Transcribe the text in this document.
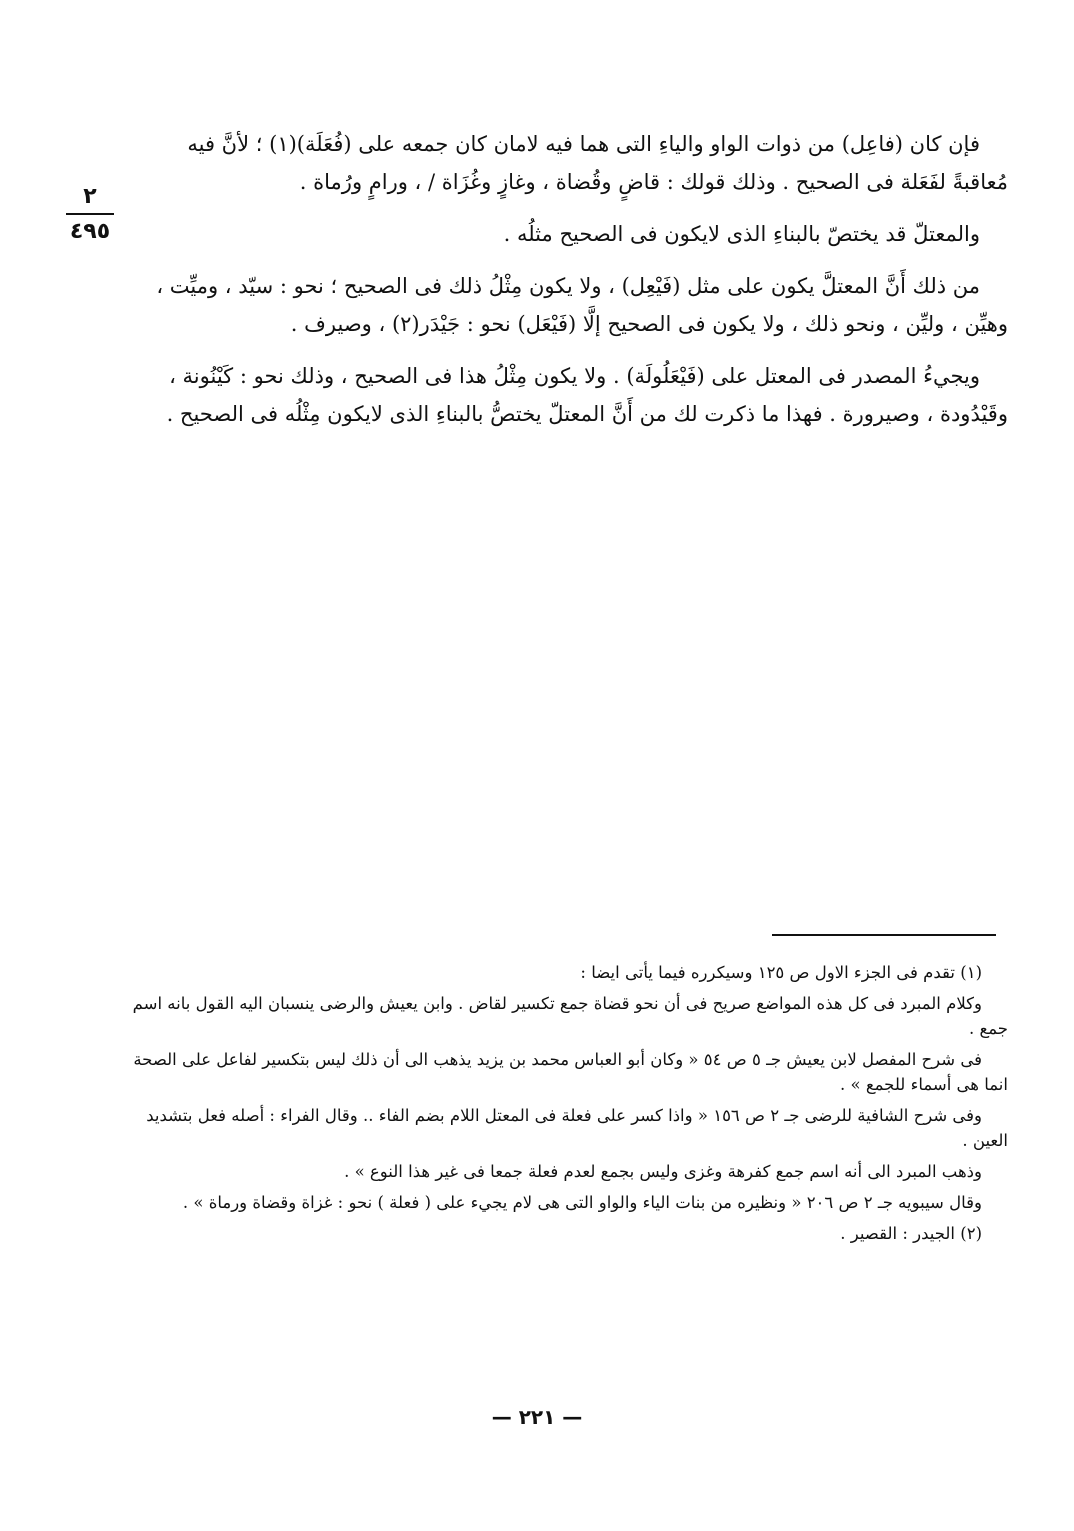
٢
٤٩٥

فإن كان (فاعِل) من ذوات الواو والياءِ التى هما فيه لامان كان جمعه على (فُعَلَة)(١) ؛ لأنَّ فيه مُعاقبةً لفَعَلة فى الصحيح . وذلك قولك : قاضٍ وقُضاة ، وغازٍ وغُزَاة / ، ورامٍ ورُماة .

والمعتلّ قد يختصّ بالبناءِ الذى لايكون فى الصحيح مثلُه .

من ذلك أَنَّ المعتلَّ يكون على مثل (فَيْعِل) ، ولا يكون مِثْلُ ذلك فى الصحيح ؛ نحو : سيّد ، وميِّت ، وهيِّن ، وليِّن ، ونحو ذلك ، ولا يكون فى الصحيح إلَّا (فَيْعَل) نحو : جَيْدَر(٢) ، وصيرف .

ويجيءُ المصدر فى المعتل على (فَيْعَلُولَة) . ولا يكون مِثْلُ هذا فى الصحيح ، وذلك نحو : كَيْنُونة ، وقَيْدُودة ، وصيرورة . فهذا ما ذكرت لك من أَنَّ المعتلّ يختصُّ بالبناءِ الذى لايكون مِثْلُه فى الصحيح .

(١) تقدم فى الجزء الاول ص ١٢٥ وسيكرره فيما يأتى ايضا :

وكلام المبرد فى كل هذه المواضع صريح فى أن نحو قضاة جمع تكسير لقاض . وابن يعيش والرضى ينسبان اليه القول بانه اسم جمع .

فى شرح المفصل لابن يعيش جـ ٥ ص ٥٤ « وكان أبو العباس محمد بن يزيد يذهب الى أن ذلك ليس بتكسير لفاعل على الصحة انما هى أسماء للجمع » .

وفى شرح الشافية للرضى جـ ٢ ص ١٥٦ « واذا كسر على فعلة فى المعتل اللام بضم الفاء .. وقال الفراء : أصله فعل بتشديد العين .

وذهب المبرد الى أنه اسم جمع كفرهة وغزى وليس بجمع لعدم فعلة جمعا فى غير هذا النوع » .

وقال سيبويه جـ ٢ ص ٢٠٦ « ونظيره من بنات الياء والواو التى هى لام يجيء على ( فعلة ) نحو : غزاة وقضاة ورماة » .

(٢) الجيدر : القصير .

— ٢٢١ —
